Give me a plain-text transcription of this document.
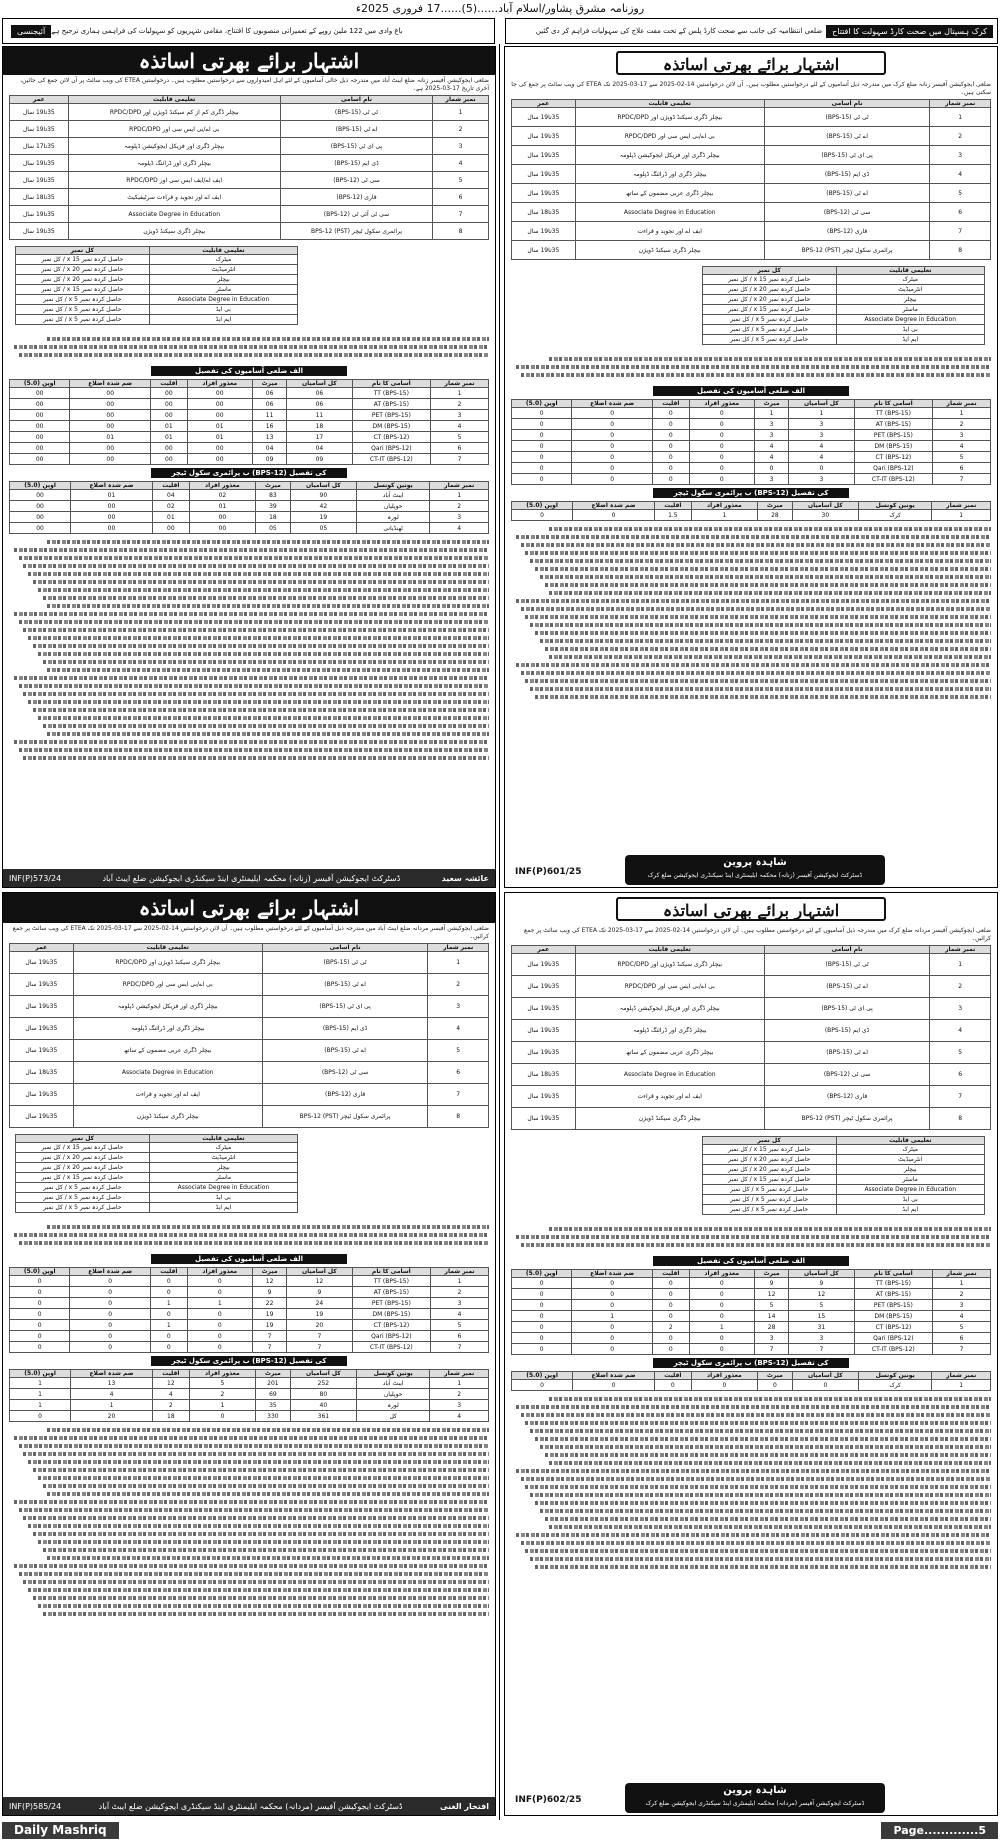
روزنامہ مشرق پشاور/اسلام آباد......(5)......17 فروری 2025ء
آئیجنسی باغ وادی میں 122 ملین روپے کے تعمیراتی منصوبوں کا افتتاح، مقامی شہریوں کو سہولیات کی فراہمی ہماری ترجیح ہے	کرک ہسپتال میں صحت کارڈ سہولت کا افتتاح
ضلعی انتظامیہ کی جانب سے صحت کارڈ پلس کے تحت مفت علاج کی سہولیات فراہم کر دی گئیں
اشتہار برائے بھرتی اساتذہ
ضلعی ایجوکیشن آفیسر زنانہ ضلع ایبٹ آباد میں مندرجہ ذیل خالی آسامیوں کے لئے اہل امیدواروں سے درخواستیں مطلوب ہیں۔ درخواستیں ETEA کی ویب سائٹ پر آن لائن جمع کی جائیں، آخری تاریخ 17-03-2025 ہے۔
نمبر شمار	نام آسامی	تعلیمی قابلیت	عمر
1	ٹی ٹی (BPS-15)	بیچلر ڈگری کم از کم سیکنڈ ڈویژن اور RPDC/DPD	35تا19 سال
2	اے ٹی (BPS-15)	بی اے/بی ایس سی اور RPDC/DPD	35تا19 سال
3	پی ای ٹی (BPS-15)	بیچلر ڈگری اور فزیکل ایجوکیشن ڈپلومہ	35تا17 سال
4	ڈی ایم (BPS-15)	بیچلر ڈگری اور ڈرائنگ ڈپلومہ	35تا19 سال
5	سی ٹی (BPS-12)	ایف اے/ایف ایس سی اور RPDC/DPD	35تا19 سال
6	قاری (BPS-12)	ایف اے اور تجوید و قراءت سرٹیفیکیٹ	35تا18 سال
7	سی ٹی آئی ٹی (BPS-12)	Associate Degree in Education	35تا19 سال
8	پرائمری سکول ٹیچر (PST) BPS-12	بیچلر ڈگری سیکنڈ ڈویژن	35تا19 سال
تعلیمی قابلیت	کل نمبر
میٹرک	حاصل کردہ نمبر x 15 / کل نمبر
انٹرمیڈیٹ	حاصل کردہ نمبر x 20 / کل نمبر
بیچلر	حاصل کردہ نمبر x 20 / کل نمبر
ماسٹر	حاصل کردہ نمبر x 15 / کل نمبر
Associate Degree in Education	حاصل کردہ نمبر x 5 / کل نمبر
بی ایڈ	حاصل کردہ نمبر x 5 / کل نمبر
ایم ایڈ	حاصل کردہ نمبر x 5 / کل نمبر
الف ضلعی آسامیوں کی تفصیل
نمبر شمار	آسامی کا نام	کل آسامیاں	میرٹ	معذور افراد	اقلیت	ضم شدہ اضلاع	اوپن (5.0)
1	TT (BPS-15)	06	06	00	00	00	00
2	AT (BPS-15)	06	06	00	00	00	00
3	PET (BPS-15)	11	11	00	00	00	00
4	DM (BPS-15)	18	16	01	01	00	00
5	CT (BPS-12)	17	13	01	01	01	00
6	Qari (BPS-12)	04	04	00	00	00	00
7	CT-IT (BPS-12)	09	09	00	00	00	00
ب پرائمری سکول ٹیچر (BPS-12) کی تفصیل
نمبر شمار	یونین کونسل	کل آسامیاں	میرٹ	معذور افراد	اقلیت	ضم شدہ اضلاع	اوپن (5.0)
1	ایبٹ آباد	90	83	02	04	01	00
2	حویلیاں	42	39	01	02	00	00
3	لورہ	19	18	00	01	00	00
4	ٹھنڈیانی	05	05	00	00	00	00
عائشہ سعید
ڈسٹرکٹ ایجوکیشن آفیسر (زنانہ) محکمہ ایلیمنٹری اینڈ سیکنڈری ایجوکیشن ضلع ایبٹ آباد
INF(P)573/24
اشتہار برائے بھرتی اساتذہ
ضلعی ایجوکیشن آفیسر زنانہ ضلع کرک میں مندرجہ ذیل آسامیوں کے لئے درخواستیں مطلوب ہیں۔ آن لائن درخواستیں 14-02-2025 سے 17-03-2025 تک ETEA کی ویب سائٹ پر جمع کی جا سکتی ہیں۔
نمبر شمار	نام آسامی	تعلیمی قابلیت	عمر
1	ٹی ٹی (BPS-15)	بیچلر ڈگری سیکنڈ ڈویژن اور RPDC/DPD	35تا19 سال
2	اے ٹی (BPS-15)	بی اے/بی ایس سی اور RPDC/DPD	35تا19 سال
3	پی ای ٹی (BPS-15)	بیچلر ڈگری اور فزیکل ایجوکیشن ڈپلومہ	35تا19 سال
4	ڈی ایم (BPS-15)	بیچلر ڈگری اور ڈرائنگ ڈپلومہ	35تا19 سال
5	اے ٹی (BPS-15)	بیچلر ڈگری عربی مضمون کے ساتھ	35تا19 سال
6	سی ٹی (BPS-12)	Associate Degree in Education	35تا18 سال
7	قاری (BPS-12)	ایف اے اور تجوید و قراءت	35تا19 سال
8	پرائمری سکول ٹیچر (PST) BPS-12	بیچلر ڈگری سیکنڈ ڈویژن	35تا19 سال
تعلیمی قابلیت	کل نمبر
میٹرک	حاصل کردہ نمبر x 15 / کل نمبر
انٹرمیڈیٹ	حاصل کردہ نمبر x 20 / کل نمبر
بیچلر	حاصل کردہ نمبر x 20 / کل نمبر
ماسٹر	حاصل کردہ نمبر x 15 / کل نمبر
Associate Degree in Education	حاصل کردہ نمبر x 5 / کل نمبر
بی ایڈ	حاصل کردہ نمبر x 5 / کل نمبر
ایم ایڈ	حاصل کردہ نمبر x 5 / کل نمبر
الف ضلعی آسامیوں کی تفصیل
نمبر شمار	آسامی کا نام	کل آسامیاں	میرٹ	معذور افراد	اقلیت	ضم شدہ اضلاع	اوپن (5.0)
1	TT (BPS-15)	1	1	0	0	0	0
2	AT (BPS-15)	3	3	0	0	0	0
3	PET (BPS-15)	3	3	0	0	0	0
4	DM (BPS-15)	4	4	0	0	0	0
5	CT (BPS-12)	4	4	0	0	0	0
6	Qari (BPS-12)	0	0	0	0	0	0
7	CT-IT (BPS-12)	3	3	0	0	0	0
ب پرائمری سکول ٹیچر (BPS-12) کی تفصیل
نمبر شمار	یونین کونسل	کل آسامیاں	میرٹ	معذور افراد	اقلیت	ضم شدہ اضلاع	اوپن (5.0)
1	کرک	30	28	1	1.5	0	0
INF(P)601/25
شاہدہ پروین
ڈسٹرکٹ ایجوکیشن آفیسر (زنانہ) محکمہ ایلیمنٹری اینڈ سیکنڈری ایجوکیشن ضلع کرک
اشتہار برائے بھرتی اساتذہ
ضلعی ایجوکیشن آفیسر مردانہ ضلع ایبٹ آباد میں مندرجہ ذیل آسامیوں کے لئے درخواستیں مطلوب ہیں۔ آن لائن درخواستیں 14-02-2025 سے 17-03-2025 تک ETEA کی ویب سائٹ پر جمع کرائیں۔
نمبر شمار	نام آسامی	تعلیمی قابلیت	عمر
1	ٹی ٹی (BPS-15)	بیچلر ڈگری سیکنڈ ڈویژن اور RPDC/DPD	35تا19 سال
2	اے ٹی (BPS-15)	بی اے/بی ایس سی اور RPDC/DPD	35تا19 سال
3	پی ای ٹی (BPS-15)	بیچلر ڈگری اور فزیکل ایجوکیشن ڈپلومہ	35تا19 سال
4	ڈی ایم (BPS-15)	بیچلر ڈگری اور ڈرائنگ ڈپلومہ	35تا19 سال
5	اے ٹی (BPS-15)	بیچلر ڈگری عربی مضمون کے ساتھ	35تا19 سال
6	سی ٹی (BPS-12)	Associate Degree in Education	35تا18 سال
7	قاری (BPS-12)	ایف اے اور تجوید و قراءت	35تا19 سال
8	پرائمری سکول ٹیچر (PST) BPS-12	بیچلر ڈگری سیکنڈ ڈویژن	35تا19 سال
تعلیمی قابلیت	کل نمبر
میٹرک	حاصل کردہ نمبر x 15 / کل نمبر
انٹرمیڈیٹ	حاصل کردہ نمبر x 20 / کل نمبر
بیچلر	حاصل کردہ نمبر x 20 / کل نمبر
ماسٹر	حاصل کردہ نمبر x 15 / کل نمبر
Associate Degree in Education	حاصل کردہ نمبر x 5 / کل نمبر
بی ایڈ	حاصل کردہ نمبر x 5 / کل نمبر
ایم ایڈ	حاصل کردہ نمبر x 5 / کل نمبر
الف ضلعی آسامیوں کی تفصیل
نمبر شمار	آسامی کا نام	کل آسامیاں	میرٹ	معذور افراد	اقلیت	ضم شدہ اضلاع	اوپن (5.0)
1	TT (BPS-15)	12	12	0	0	0	0
2	AT (BPS-15)	9	9	0	0	0	0
3	PET (BPS-15)	24	22	1	1	0	0
4	DM (BPS-15)	19	19	0	0	0	0
5	CT (BPS-12)	20	19	0	1	0	0
6	Qari (BPS-12)	7	7	0	0	0	0
7	CT-IT (BPS-12)	7	7	0	0	0	0
ب پرائمری سکول ٹیچر (BPS-12) کی تفصیل
نمبر شمار	یونین کونسل	کل آسامیاں	میرٹ	معذور افراد	اقلیت	ضم شدہ اضلاع	اوپن (5.0)
1	ایبٹ آباد	252	201	5	12	13	1
2	حویلیاں	80	69	2	4	4	1
3	لورہ	40	35	1	2	1	1
4	کل	361	330	0	18	20	0
افتخار الغنی
ڈسٹرکٹ ایجوکیشن آفیسر (مردانہ) محکمہ ایلیمنٹری اینڈ سیکنڈری ایجوکیشن ضلع ایبٹ آباد
INF(P)585/24
اشتہار برائے بھرتی اساتذہ
ضلعی ایجوکیشن آفیسر مردانہ ضلع کرک میں مندرجہ ذیل آسامیوں کے لئے درخواستیں مطلوب ہیں۔ آن لائن درخواستیں 14-02-2025 سے 17-03-2025 تک ETEA کی ویب سائٹ پر جمع کرائیں۔
نمبر شمار	نام آسامی	تعلیمی قابلیت	عمر
1	ٹی ٹی (BPS-15)	بیچلر ڈگری سیکنڈ ڈویژن اور RPDC/DPD	35تا19 سال
2	اے ٹی (BPS-15)	بی اے/بی ایس سی اور RPDC/DPD	35تا19 سال
3	پی ای ٹی (BPS-15)	بیچلر ڈگری اور فزیکل ایجوکیشن ڈپلومہ	35تا19 سال
4	ڈی ایم (BPS-15)	بیچلر ڈگری اور ڈرائنگ ڈپلومہ	35تا19 سال
5	اے ٹی (BPS-15)	بیچلر ڈگری عربی مضمون کے ساتھ	35تا19 سال
6	سی ٹی (BPS-12)	Associate Degree in Education	35تا18 سال
7	قاری (BPS-12)	ایف اے اور تجوید و قراءت	35تا19 سال
8	پرائمری سکول ٹیچر (PST) BPS-12	بیچلر ڈگری سیکنڈ ڈویژن	35تا19 سال
تعلیمی قابلیت	کل نمبر
میٹرک	حاصل کردہ نمبر x 15 / کل نمبر
انٹرمیڈیٹ	حاصل کردہ نمبر x 20 / کل نمبر
بیچلر	حاصل کردہ نمبر x 20 / کل نمبر
ماسٹر	حاصل کردہ نمبر x 15 / کل نمبر
Associate Degree in Education	حاصل کردہ نمبر x 5 / کل نمبر
بی ایڈ	حاصل کردہ نمبر x 5 / کل نمبر
ایم ایڈ	حاصل کردہ نمبر x 5 / کل نمبر
الف ضلعی آسامیوں کی تفصیل
نمبر شمار	آسامی کا نام	کل آسامیاں	میرٹ	معذور افراد	اقلیت	ضم شدہ اضلاع	اوپن (5.0)
1	TT (BPS-15)	9	9	0	0	0	0
2	AT (BPS-15)	12	12	0	0	0	0
3	PET (BPS-15)	5	5	0	0	0	0
4	DM (BPS-15)	15	14	0	0	1	0
5	CT (BPS-12)	31	28	1	2	0	0
6	Qari (BPS-12)	3	3	0	0	0	0
7	CT-IT (BPS-12)	7	7	0	0	0	0
ب پرائمری سکول ٹیچر (BPS-12) کی تفصیل
نمبر شمار	یونین کونسل	کل آسامیاں	میرٹ	معذور افراد	اقلیت	ضم شدہ اضلاع	اوپن (5.0)
1	کرک	0	0	0	0	0	0
INF(P)602/25
شاہدہ پروین
ڈسٹرکٹ ایجوکیشن آفیسر (مردانہ) محکمہ ایلیمنٹری اینڈ سیکنڈری ایجوکیشن ضلع کرک
Daily Mashriq	Page.............5
